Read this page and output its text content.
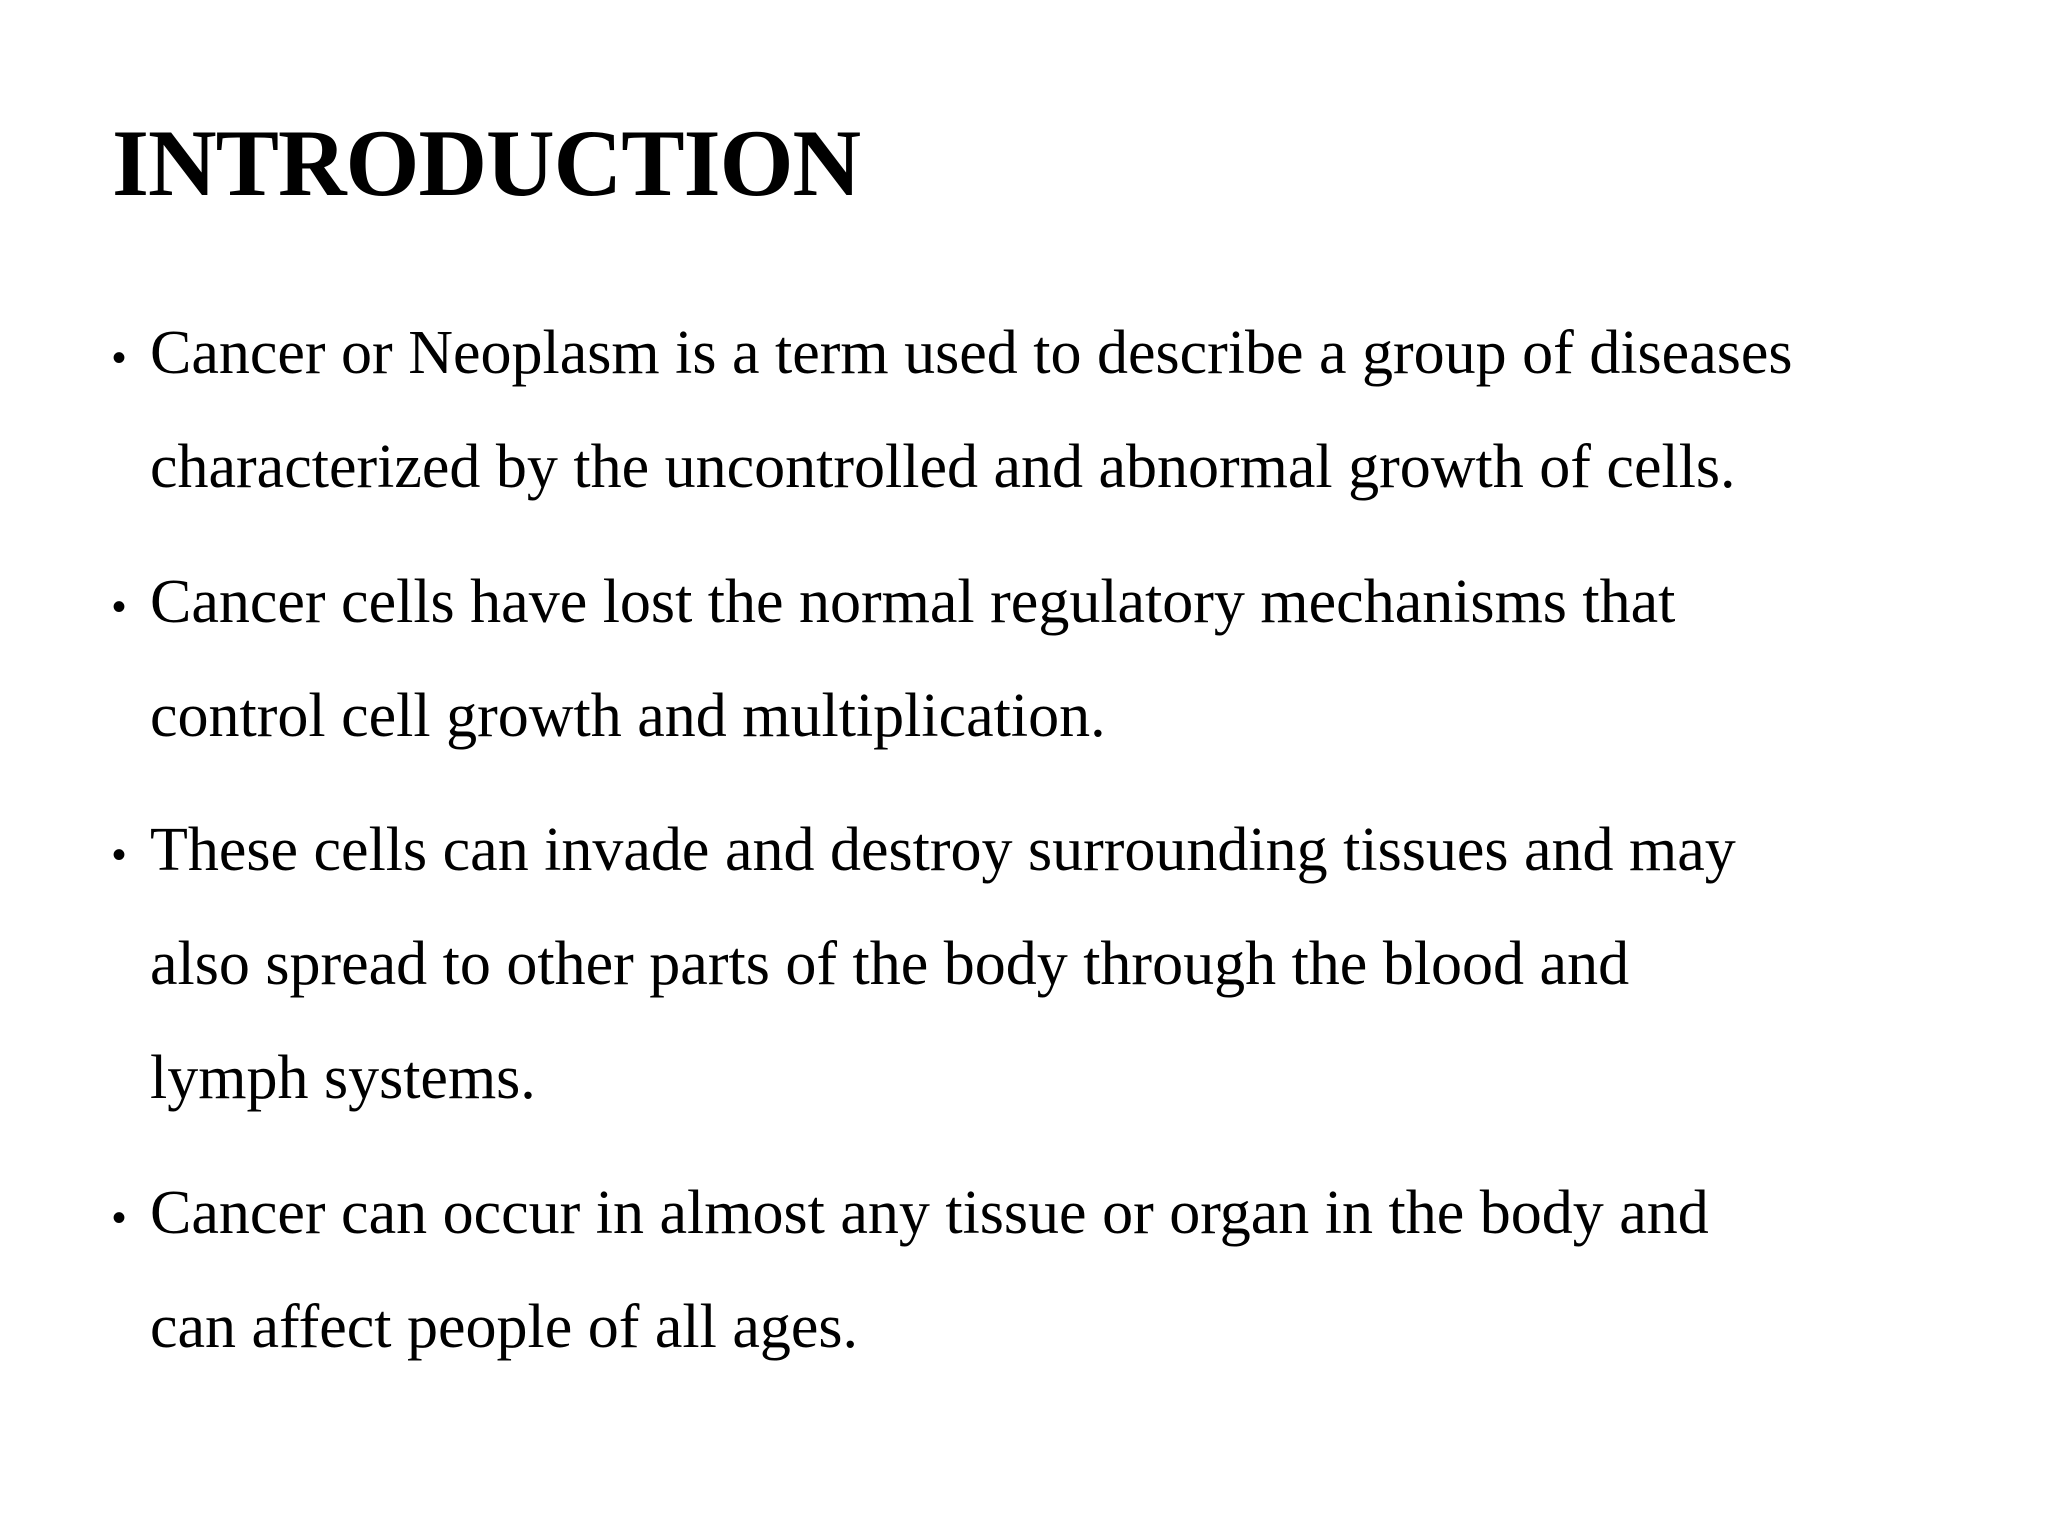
INTRODUCTION
• Cancer or Neoplasm is a term used to describe a group of diseases
characterized by the uncontrolled and abnormal growth of cells.
• Cancer cells have lost the normal regulatory mechanisms that
control cell growth and multiplication.
• These cells can invade and destroy surrounding tissues and may
also spread to other parts of the body through the blood and
lymph systems.
• Cancer can occur in almost any tissue or organ in the body and
can affect people of all ages.
